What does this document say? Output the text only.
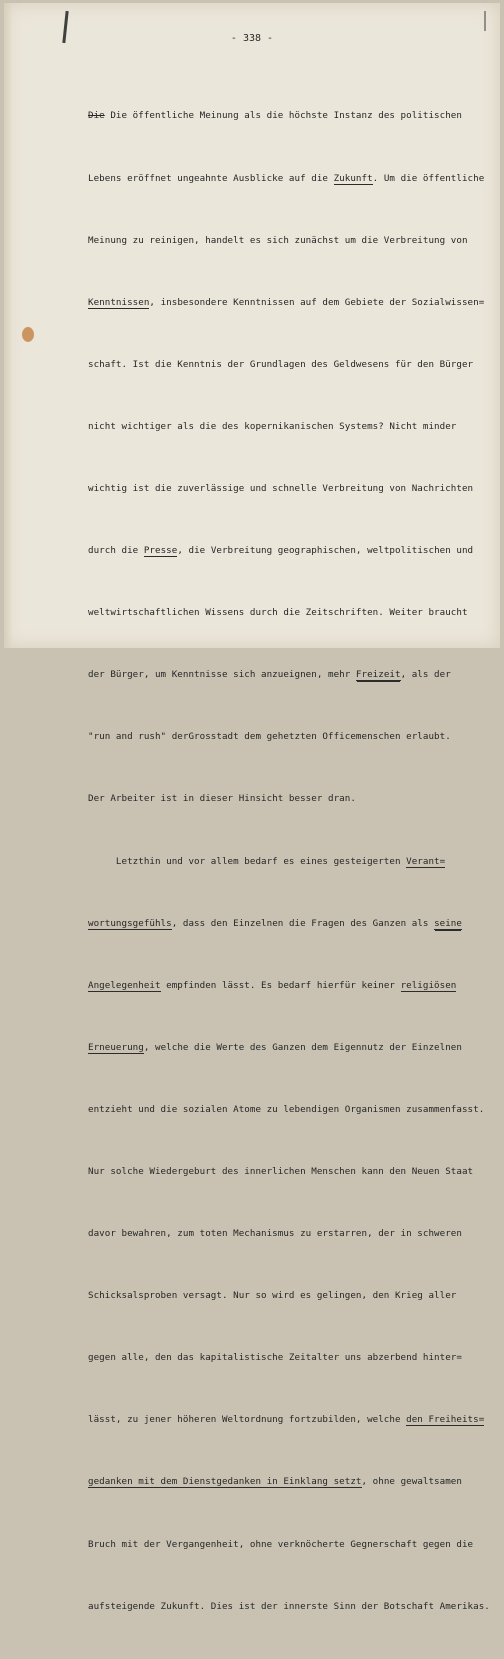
- 338 -

Die Die öffentliche Meinung als die höchste Instanz des politischen

Lebens eröffnet ungeahnte Ausblicke auf die Zukunft. Um die öffentliche

Meinung zu reinigen, handelt es sich zunächst um die Verbreitung von

Kenntnissen, insbesondere Kenntnissen auf dem Gebiete der Sozialwissen=

schaft. Ist die Kenntnis der Grundlagen des Geldwesens für den Bürger

nicht wichtiger als die des kopernikanischen Systems? Nicht minder

wichtig ist die zuverlässige und schnelle Verbreitung von Nachrichten

durch die Presse, die Verbreitung geographischen, weltpolitischen und

weltwirtschaftlichen Wissens durch die Zeitschriften. Weiter braucht

der Bürger, um Kenntnisse sich anzueignen, mehr Freizeit, als der

"run and rush" derGrosstadt dem gehetzten Officemenschen erlaubt.

Der Arbeiter ist in dieser Hinsicht besser dran.

Letzthin und vor allem bedarf es eines gesteigerten Verant=

wortungsgefühls, dass den Einzelnen die Fragen des Ganzen als seine

Angelegenheit empfinden lässt. Es bedarf hierfür keiner religiösen

Erneuerung, welche die Werte des Ganzen dem Eigennutz der Einzelnen

entzieht und die sozialen Atome zu lebendigen Organismen zusammenfasst.

Nur solche Wiedergeburt des innerlichen Menschen kann den Neuen Staat

davor bewahren, zum toten Mechanismus zu erstarren, der in schweren

Schicksalsproben versagt. Nur so wird es gelingen, den Krieg aller

gegen alle, den das kapitalistische Zeitalter uns abzerbend hinter=

lässt, zu jener höheren Weltordnung fortzubilden, welche den Freiheits=

gedanken mit dem Dienstgedanken in Einklang setzt, ohne gewaltsamen

Bruch mit der Vergangenheit, ohne verknöcherte Gegnerschaft gegen die

aufsteigende Zukunft. Dies ist der innerste Sinn der Botschaft Amerikas.
